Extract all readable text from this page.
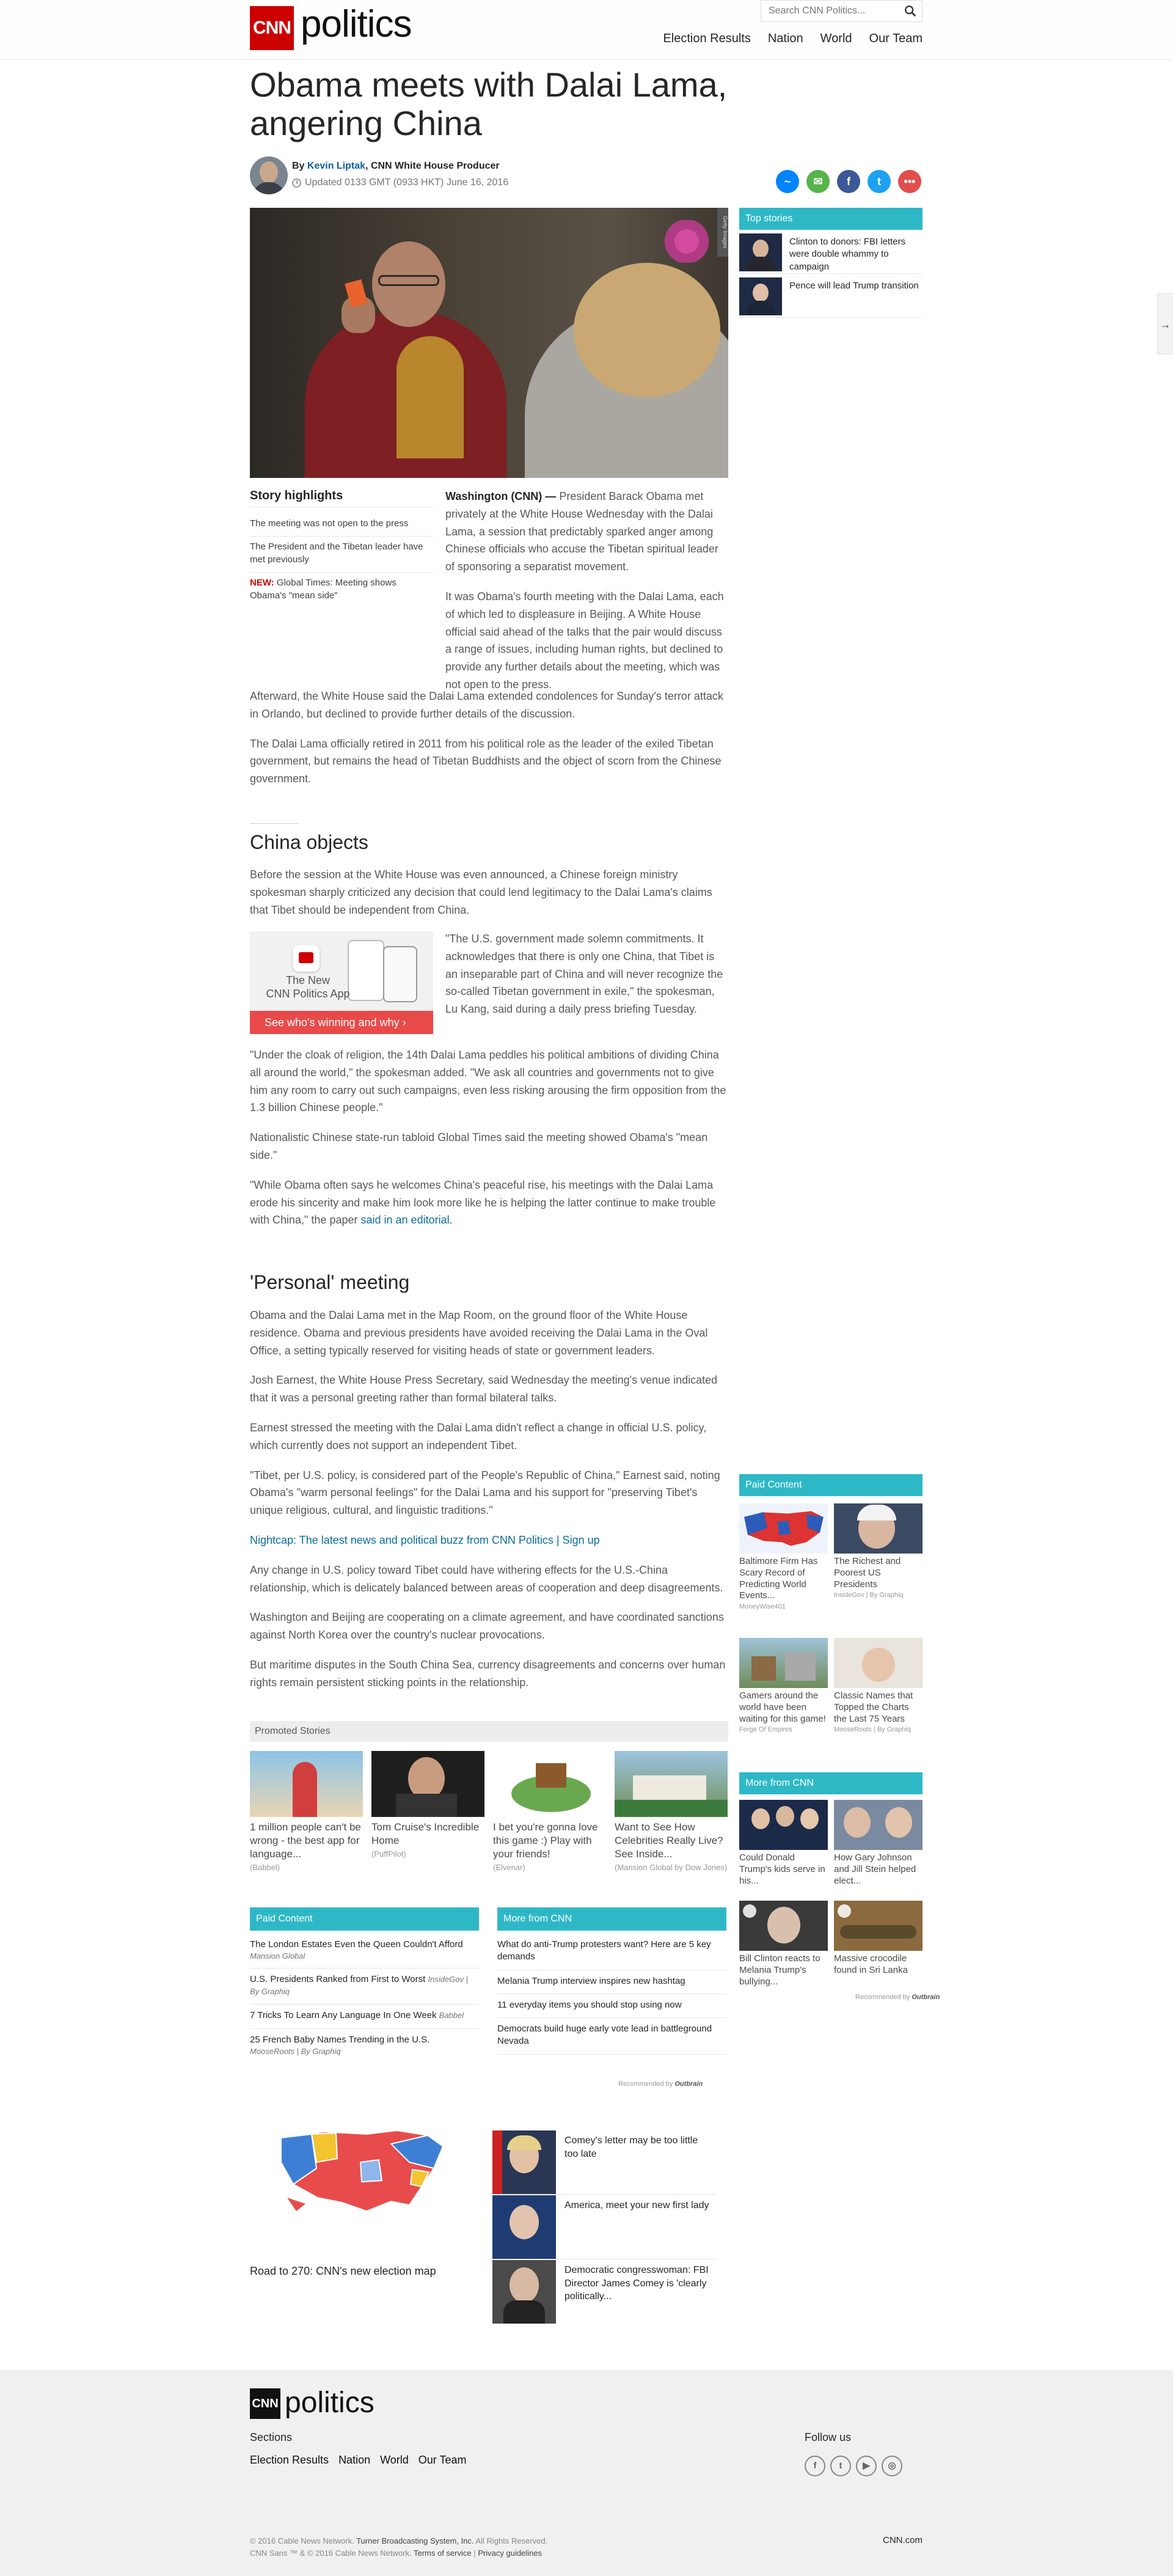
CNN politics
Search CNN Politics...	Election Results Nation World Our Team
Obama meets with Dalai Lama, angering China
By Kevin Liptak, CNN White House Producer
Updated 0133 GMT (0933 HKT) June 16, 2016	~	✉	f	t	•••
Getty Images	Top stories
Clinton to donors: FBI letters were double whammy to campaign
Pence will lead Trump transition
→
Story highlights
The meeting was not open to the press
The President and the Tibetan leader have met previously
NEW: Global Times: Meeting shows Obama's "mean side"

Washington (CNN) — President Barack Obama met privately at the White House Wednesday with the Dalai Lama, a session that predictably sparked anger among Chinese officials who accuse the Tibetan spiritual leader of sponsoring a separatist movement.

It was Obama's fourth meeting with the Dalai Lama, each of which led to displeasure in Beijing. A White House official said ahead of the talks that the pair would discuss a range of issues, including human rights, but declined to provide any further details about the meeting, which was not open to the press.

Afterward, the White House said the Dalai Lama extended condolences for Sunday's terror attack in Orlando, but declined to provide further details of the discussion.

The Dalai Lama officially retired in 2011 from his political role as the leader of the exiled Tibetan government, but remains the head of Tibetan Buddhists and the object of scorn from the Chinese government.

China objects

Before the session at the White House was even announced, a Chinese foreign ministry spokesman sharply criticized any decision that could lend legitimacy to the Dalai Lama's claims that Tibet should be independent from China.

The New
CNN Politics App
See who's winning and why ›

"The U.S. government made solemn commitments. It acknowledges that there is only one China, that Tibet is an inseparable part of China and will never recognize the so-called Tibetan government in exile," the spokesman, Lu Kang, said during a daily press briefing Tuesday.

"Under the cloak of religion, the 14th Dalai Lama peddles his political ambitions of dividing China all around the world," the spokesman added. "We ask all countries and governments not to give him any room to carry out such campaigns, even less risking arousing the firm opposition from the 1.3 billion Chinese people."

Nationalistic Chinese state-run tabloid Global Times said the meeting showed Obama's "mean side."

"While Obama often says he welcomes China's peaceful rise, his meetings with the Dalai Lama erode his sincerity and make him look more like he is helping the latter continue to make trouble with China," the paper said in an editorial.

'Personal' meeting

Obama and the Dalai Lama met in the Map Room, on the ground floor of the White House residence. Obama and previous presidents have avoided receiving the Dalai Lama in the Oval Office, a setting typically reserved for visiting heads of state or government leaders.

Josh Earnest, the White House Press Secretary, said Wednesday the meeting's venue indicated that it was a personal greeting rather than formal bilateral talks.

Earnest stressed the meeting with the Dalai Lama didn't reflect a change in official U.S. policy, which currently does not support an independent Tibet.

"Tibet, per U.S. policy, is considered part of the People's Republic of China," Earnest said, noting Obama's "warm personal feelings" for the Dalai Lama and his support for "preserving Tibet's unique religious, cultural, and linguistic traditions."

Nightcap: The latest news and political buzz from CNN Politics | Sign up

Any change in U.S. policy toward Tibet could have withering effects for the U.S.-China relationship, which is delicately balanced between areas of cooperation and deep disagreements.

Washington and Beijing are cooperating on a climate agreement, and have coordinated sanctions against North Korea over the country's nuclear provocations.

But maritime disputes in the South China Sea, currency disagreements and concerns over human rights remain persistent sticking points in the relationship.

Paid Content
Baltimore Firm Has Scary Record of Predicting World Events...
MoneyWise401
The Richest and Poorest US Presidents
InsideGov | By Graphiq
Gamers around the world have been waiting for this game!
Forge Of Empires
Classic Names that Topped the Charts the Last 75 Years
MooseRoots | By Graphiq
More from CNN
Could Donald Trump's kids serve in his...
How Gary Johnson and Jill Stein helped elect...
Bill Clinton reacts to Melania Trump's bullying...
Massive crocodile found in Sri Lanka
Recommended by Outbrain
Promoted Stories
1 million people can't be wrong - the best app for language...
(Babbel)
Tom Cruise's Incredible Home
(PuffPilot)
I bet you're gonna love this game :) Play with your friends!
(Elvenar)
Want to See How Celebrities Really Live? See Inside...
(Mansion Global by Dow Jones)
Paid Content
The London Estates Even the Queen Couldn't Afford
Mansion Global
U.S. Presidents Ranked from First to Worst InsideGov | By Graphiq
7 Tricks To Learn Any Language In One Week Babbel
25 French Baby Names Trending in the U.S.
MooseRoots | By Graphiq
More from CNN
What do anti-Trump protesters want? Here are 5 key demands
Melania Trump interview inspires new hashtag
11 everyday items you should stop using now
Democrats build huge early vote lead in battleground Nevada
Recommended by Outbrain
Road to 270: CNN's new election map
Comey's letter may be too little too late
America, meet your new first lady
Democratic congresswoman: FBI Director James Comey is 'clearly politically...
CNN politics
Sections
Election Results Nation World Our Team
Follow us
f	t	▶	◎
© 2016 Cable News Network. Turner Broadcasting System, Inc. All Rights Reserved.
CNN Sans ™ & © 2016 Cable News Network. Terms of service | Privacy guidelines
CNN.com
